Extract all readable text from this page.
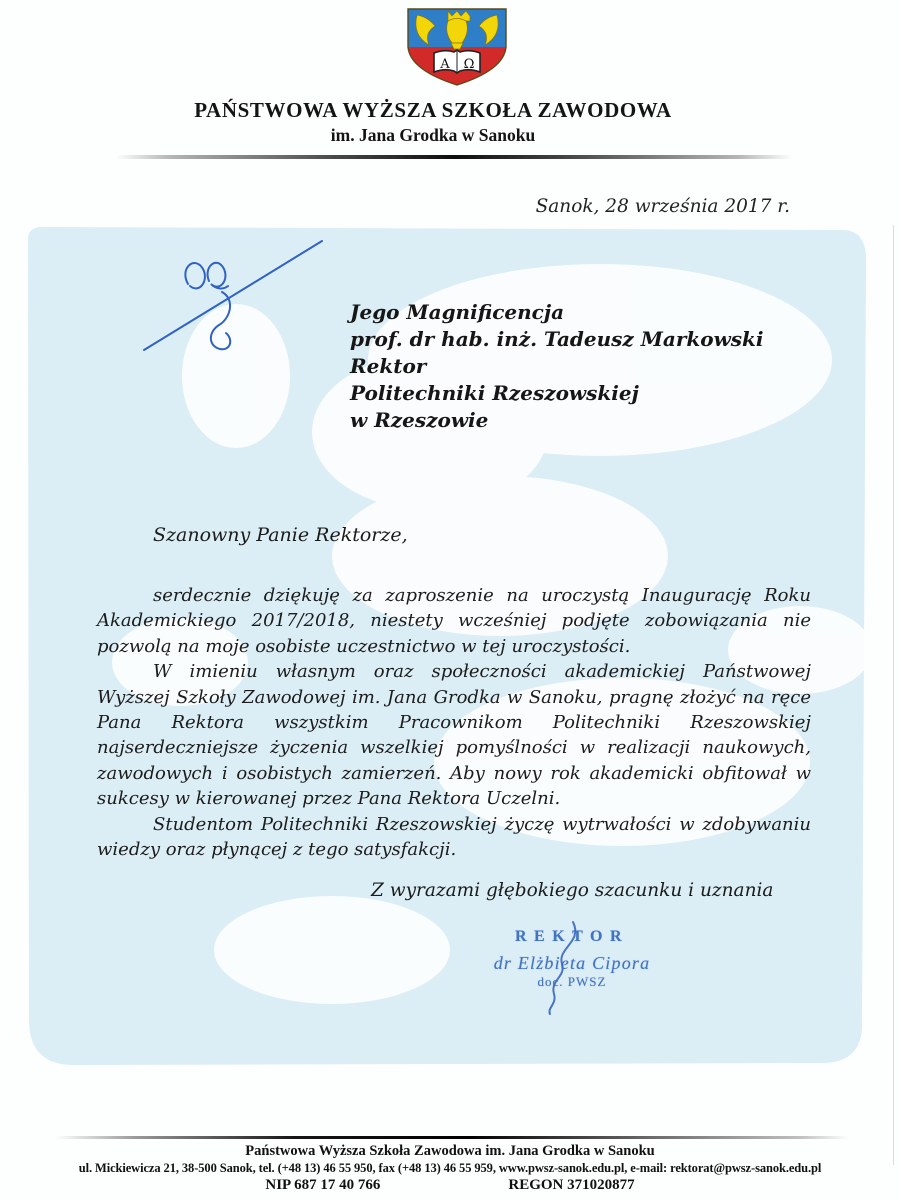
Α Ω
PAŃSTWOWA WYŻSZA SZKOŁA ZAWODOWA
im. Jana Grodka w Sanoku
Sanok, 28 września 2017 r.
Jego Magnificencja
prof. dr hab. inż. Tadeusz Markowski
Rektor
Politechniki Rzeszowskiej
w Rzeszowie
Szanowny Panie Rektorze,

serdecznie dziękuję za zaproszenie na uroczystą Inaugurację Roku Akademickiego 2017/2018, niestety wcześniej podjęte zobowiązania nie pozwolą na moje osobiste uczestnictwo w tej uroczystości.

W imieniu własnym oraz społeczności akademickiej Państwowej Wyższej Szkoły Zawodowej im. Jana Grodka w Sanoku, pragnę złożyć na ręce Pana Rektora wszystkim Pracownikom Politechniki Rzeszowskiej najserdeczniejsze życzenia wszelkiej pomyślności w realizacji naukowych, zawodowych i osobistych zamierzeń. Aby nowy rok akademicki obfitował w sukcesy w kierowanej przez Pana Rektora Uczelni.

Studentom Politechniki Rzeszowskiej życzę wytrwałości w zdobywaniu wiedzy oraz płynącej z tego satysfakcji.

Z wyrazami głębokiego szacunku i uznania
REKTOR
dr Elżbieta Cipora
doc. PWSZ
Państwowa Wyższa Szkoła Zawodowa im. Jana Grodka w Sanoku
ul. Mickiewicza 21, 38-500 Sanok, tel. (+48 13) 46 55 950, fax (+48 13) 46 55 959, www.pwsz-sanok.edu.pl, e-mail: rektorat@pwsz-sanok.edu.pl
NIP 687 17 40 766	REGON 371020877
